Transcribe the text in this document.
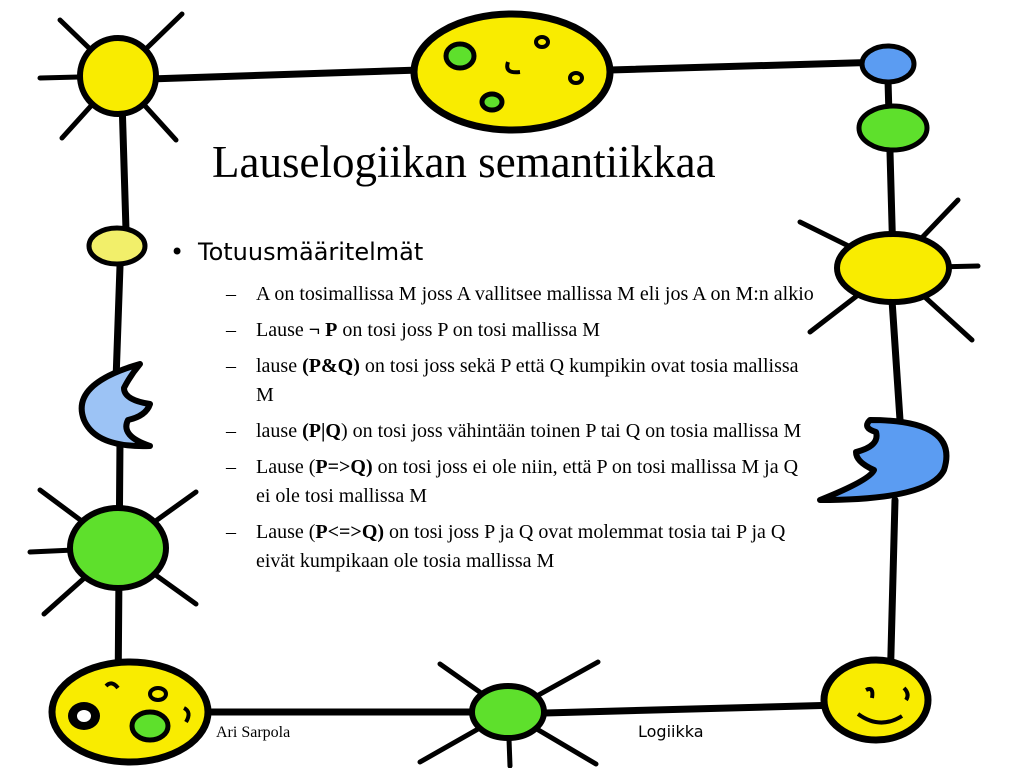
Lauselogiikan semantiikkaa
• Totuusmääritelmät
– A on tosimallissa M joss A vallitsee mallissa M eli jos A on M:n alkio
– Lause ¬ P on tosi joss P on tosi mallissa M
– lause (P&Q) on tosi joss sekä P että Q kumpikin ovat tosia mallissa M
– lause (P|Q) on tosi joss vähintään toinen P tai Q on tosia mallissa M
– Lause (P=>Q) on tosi joss ei ole niin, että P on tosi mallissa M ja Q ei ole tosi mallissa M
– Lause (P<=>Q) on tosi joss P ja Q ovat molemmat tosia tai P ja Q eivät kumpikaan ole tosia mallissa M
Ari Sarpola	Logiikka
